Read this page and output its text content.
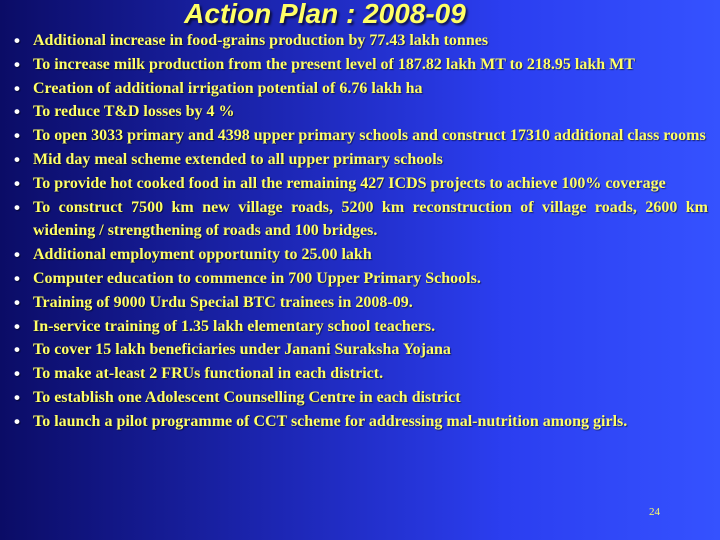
Action Plan : 2008-09
• Additional increase in food-grains production by 77.43 lakh tonnes
• To increase milk production from the present level of 187.82 lakh MT to 218.95 lakh MT
• Creation of additional irrigation potential of 6.76 lakh ha
• To reduce T&D losses by 4 %
• To open 3033 primary and 4398 upper primary schools and construct 17310 additional class rooms
• Mid day meal scheme extended to all upper primary schools
• To provide hot cooked food in all the remaining 427 ICDS projects to achieve 100% coverage
• To construct 7500 km new village roads, 5200 km reconstruction of village roads, 2600 km widening / strengthening of roads and 100 bridges.
• Additional employment opportunity to 25.00 lakh
• Computer education to commence in 700 Upper Primary Schools.
• Training of 9000 Urdu Special BTC trainees in 2008-09.
• In-service training of 1.35 lakh elementary school teachers.
• To cover 15 lakh beneficiaries under Janani Suraksha Yojana
• To make at-least 2 FRUs functional in each district.
• To establish one Adolescent Counselling Centre in each district
• To launch a pilot programme of CCT scheme for addressing mal-nutrition among girls.
24
